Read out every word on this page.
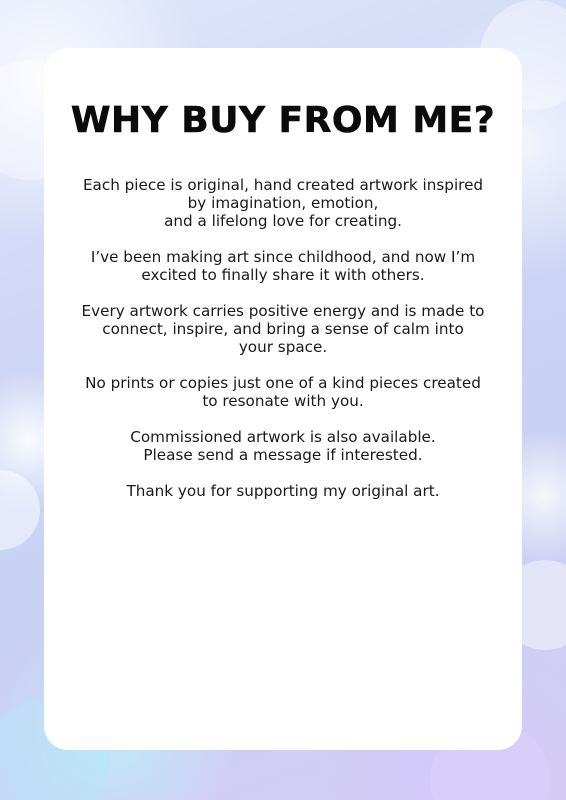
WHY BUY FROM ME?

Each piece is original, hand created artwork inspired
by imagination, emotion,
and a lifelong love for creating.

I’ve been making art since childhood, and now I’m
excited to finally share it with others.

Every artwork carries positive energy and is made to
connect, inspire, and bring a sense of calm into
your space.

No prints or copies just one of a kind pieces created
to resonate with you.

Commissioned artwork is also available.
Please send a message if interested.

Thank you for supporting my original art.
